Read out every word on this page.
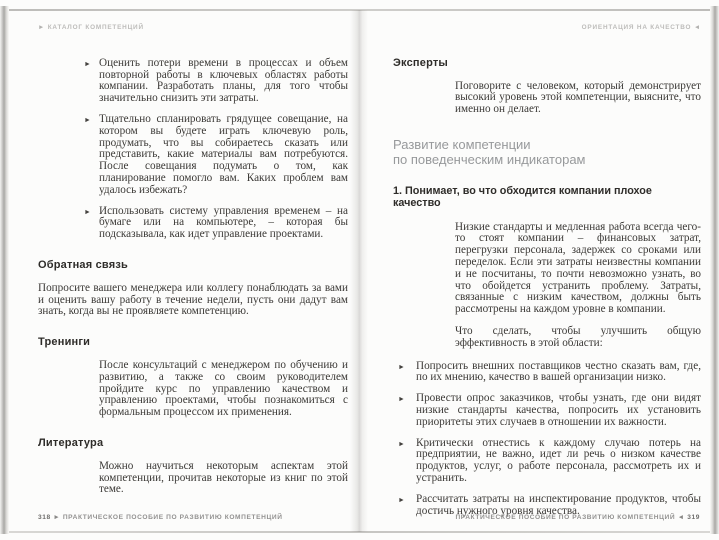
► КАТАЛОГ КОМПЕТЕНЦИЙ
► Оценить потери времени в процессах и объем повторной работы в ключевых областях работы компании. Разработать планы, для того чтобы значительно снизить эти затраты.
► Тщательно спланировать грядущее совещание, на котором вы будете играть ключевую роль, продумать, что вы собираетесь сказать или представить, какие материалы вам потребуются. После совещания подумать о том, как планирование помогло вам. Каких проблем вам удалось избежать?
► Использовать систему управления временем – на бумаге или на компьютере, – которая бы подсказывала, как идет управление проектами.
Обратная связь

Попросите вашего менеджера или коллегу понаблюдать за вами и оценить вашу работу в течение недели, пусть они дадут вам знать, когда вы не проявляете компетенцию.

Тренинги

После консультаций с менеджером по обучению и развитию, а также со своим руководителем пройдите курс по управлению качеством и управлению проектами, чтобы познакомиться с формальным процессом их применения.

Литература

Можно научиться некоторым аспектам этой компетенции, прочитав некоторые из книг по этой теме.

ОРИЕНТАЦИЯ НА КАЧЕСТВО ◄
Эксперты

Поговорите с человеком, который демонстрирует высокий уровень этой компетенции, выясните, что именно он делает.

Развитие компетенции
по поведенческим индикаторам
1. Понимает, во что обходится компании плохое качество

Низкие стандарты и медленная работа всегда чего-то стоят компании – финансовых затрат, перегрузки персонала, задержек со сроками или переделок. Если эти затраты неизвестны компании и не посчитаны, то почти невозможно узнать, во что обойдется устранить проблему. Затраты, связанные с низким качеством, должны быть рассмотрены на каждом уровне в компании.

Что сделать, чтобы улучшить общую эффективность в этой области:

► Попросить внешних поставщиков честно сказать вам, где, по их мнению, качество в вашей организации низко.
► Провести опрос заказчиков, чтобы узнать, где они видят низкие стандарты качества, попросить их установить приоритеты этих случаев в отношении их важности.
► Критически отнестись к каждому случаю потерь на предприятии, не важно, идет ли речь о низком качестве продуктов, услуг, о работе персонала, рассмотреть их и устранить.
► Рассчитать затраты на инспектирование продуктов, чтобы достичь нужного уровня качества.
318 ► ПРАКТИЧЕСКОЕ ПОСОБИЕ ПО РАЗВИТИЮ КОМПЕТЕНЦИЙ	ПРАКТИЧЕСКОЕ ПОСОБИЕ ПО РАЗВИТИЮ КОМПЕТЕНЦИЙ ◄ 319
